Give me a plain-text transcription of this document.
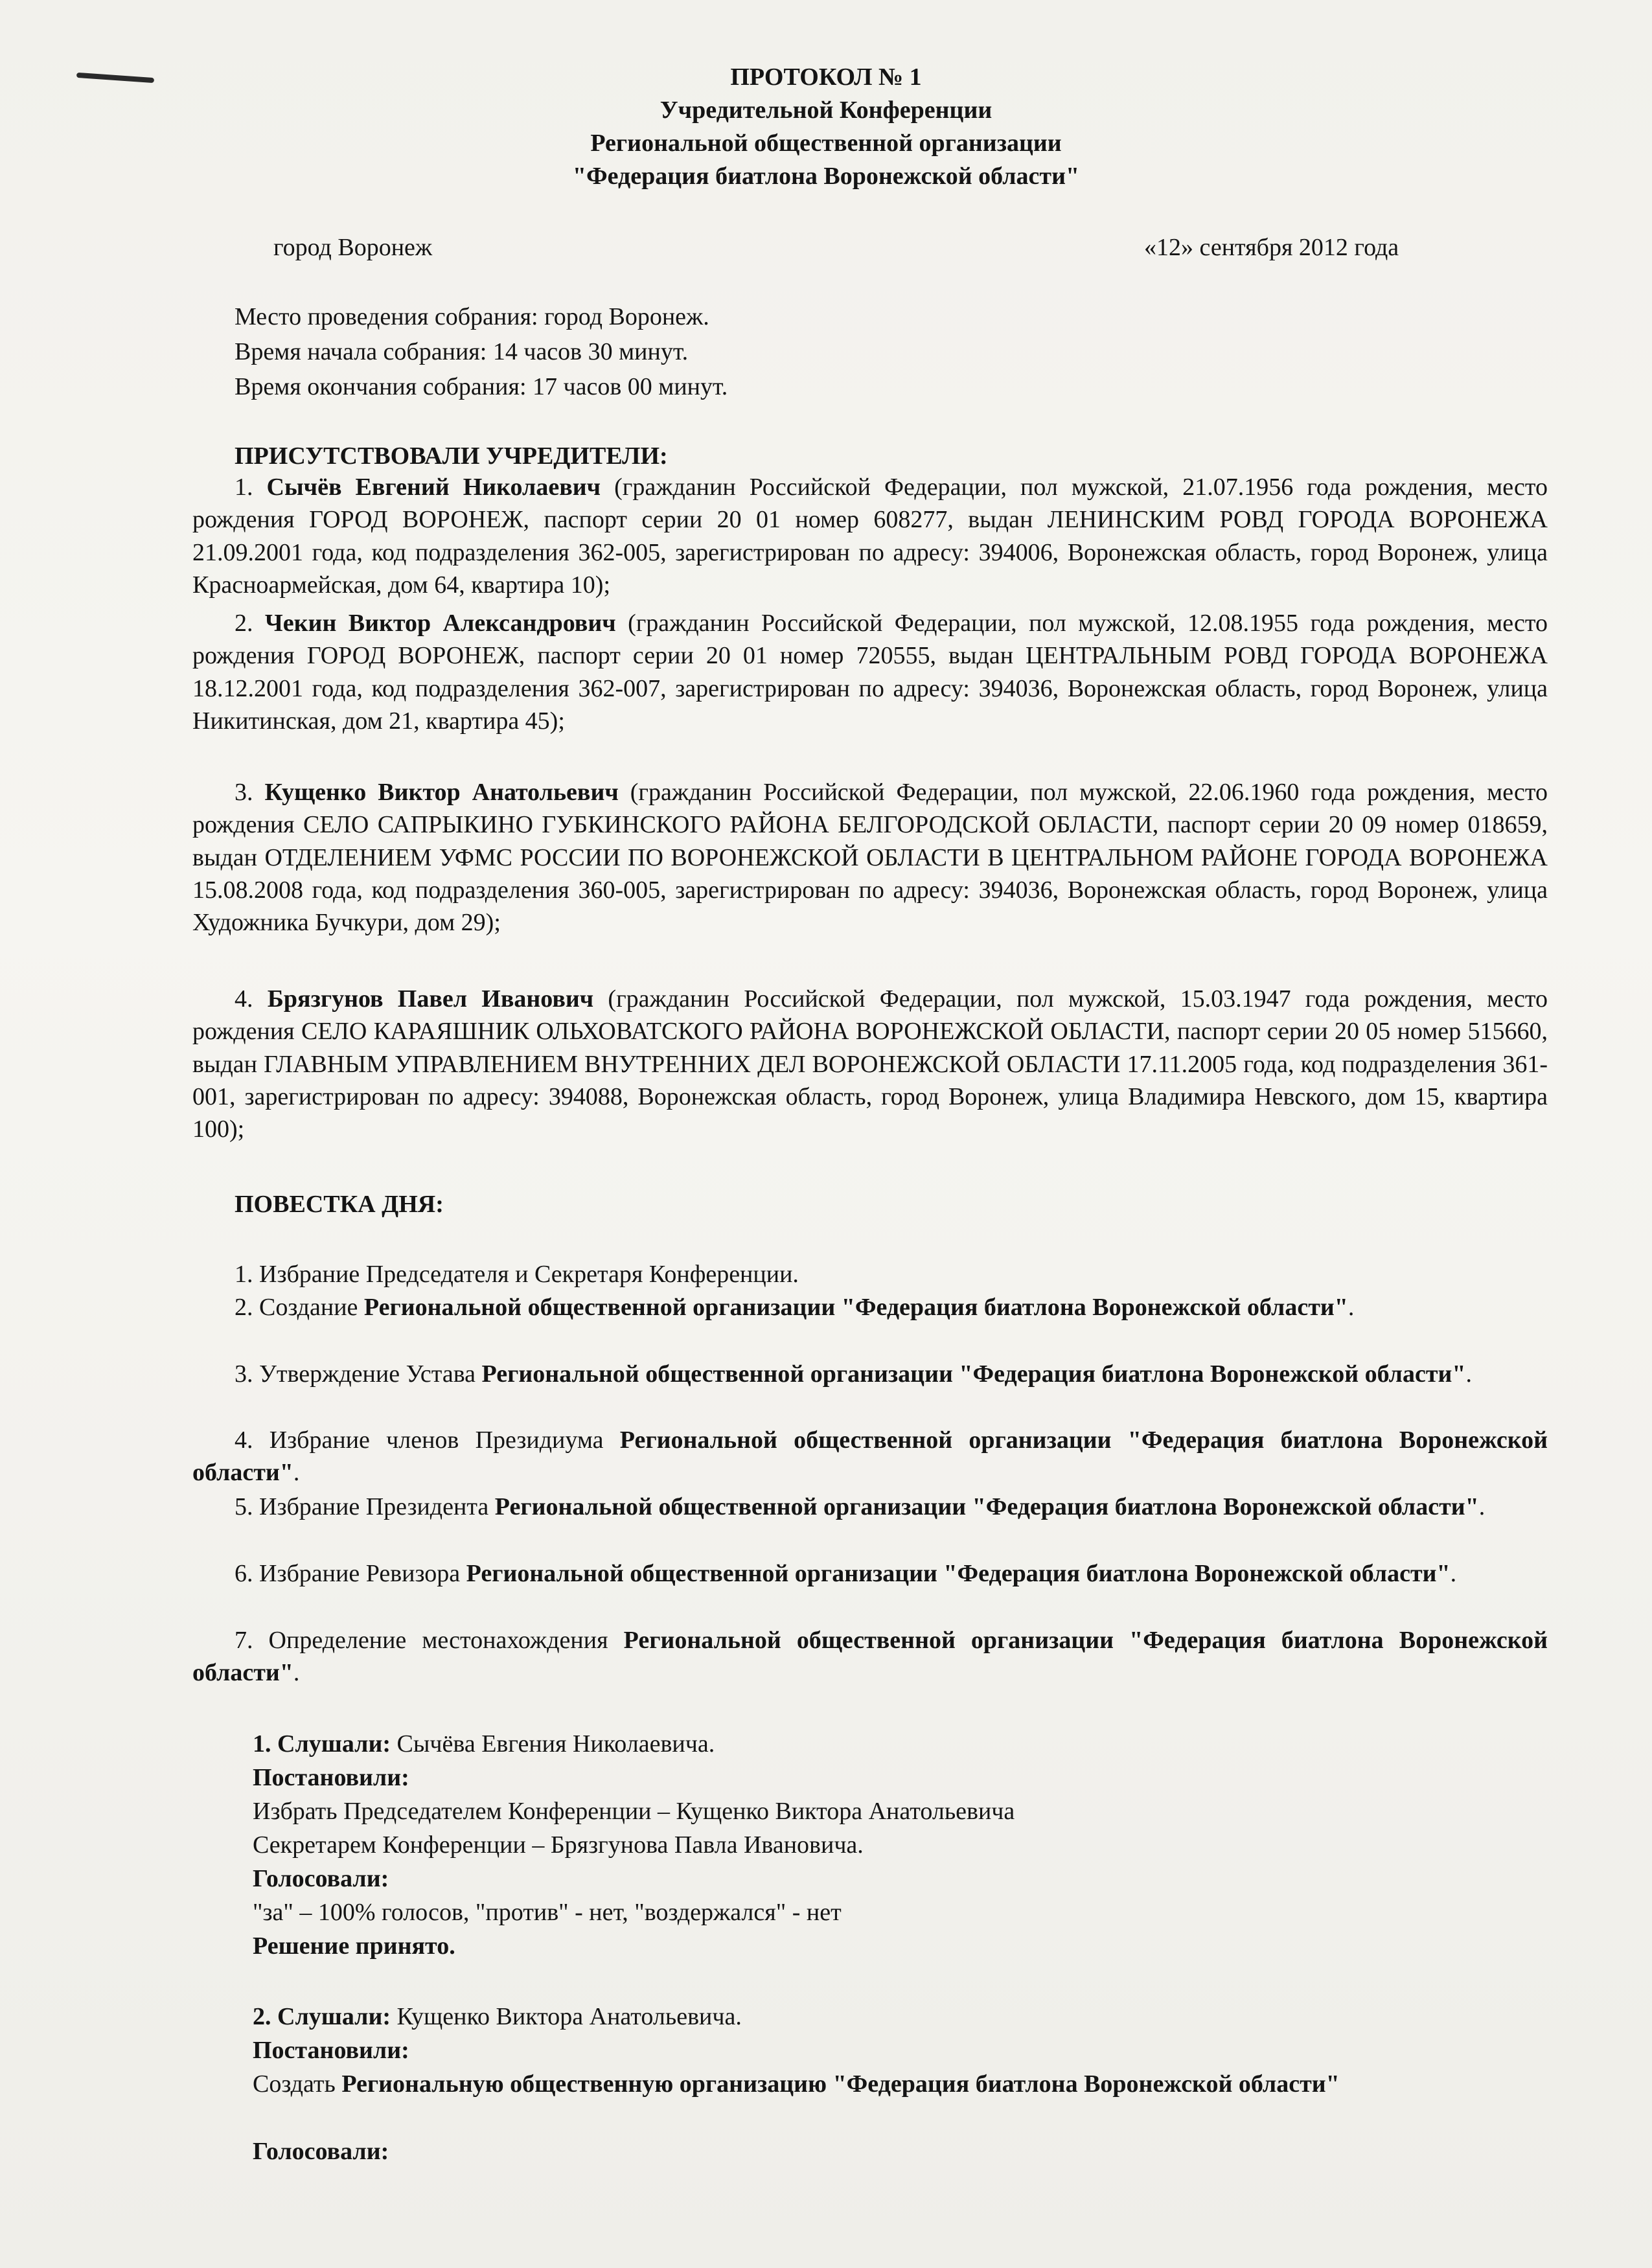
ПРОТОКОЛ № 1
Учредительной Конференции
Региональной общественной организации
"Федерация биатлона Воронежской области"
город Воронеж	«12» сентября 2012 года
Место проведения собрания: город Воронеж.
Время начала собрания: 14 часов 30 минут.
Время окончания собрания: 17 часов 00 минут.
ПРИСУТСТВОВАЛИ УЧРЕДИТЕЛИ:
1. Сычёв Евгений Николаевич (гражданин Российской Федерации, пол мужской, 21.07.1956 года рождения, место рождения ГОРОД ВОРОНЕЖ, паспорт серии 20 01 номер 608277, выдан ЛЕНИНСКИМ РОВД ГОРОДА ВОРОНЕЖА 21.09.2001 года, код подразделения 362-005, зарегистрирован по адресу: 394006, Воронежская область, город Воронеж, улица Красноармейская, дом 64, квартира 10);
2. Чекин Виктор Александрович (гражданин Российской Федерации, пол мужской, 12.08.1955 года рождения, место рождения ГОРОД ВОРОНЕЖ, паспорт серии 20 01 номер 720555, выдан ЦЕНТРАЛЬНЫМ РОВД ГОРОДА ВОРОНЕЖА 18.12.2001 года, код подразделения 362-007, зарегистрирован по адресу: 394036, Воронежская область, город Воронеж, улица Никитинская, дом 21, квартира 45);
3. Кущенко Виктор Анатольевич (гражданин Российской Федерации, пол мужской, 22.06.1960 года рождения, место рождения СЕЛО САПРЫКИНО ГУБКИНСКОГО РАЙОНА БЕЛГОРОДСКОЙ ОБЛАСТИ, паспорт серии 20 09 номер 018659, выдан ОТДЕЛЕНИЕМ УФМС РОССИИ ПО ВОРОНЕЖСКОЙ ОБЛАСТИ В ЦЕНТРАЛЬНОМ РАЙОНЕ ГОРОДА ВОРОНЕЖА 15.08.2008 года, код подразделения 360-005, зарегистрирован по адресу: 394036, Воронежская область, город Воронеж, улица Художника Бучкури, дом 29);
4. Брязгунов Павел Иванович (гражданин Российской Федерации, пол мужской, 15.03.1947 года рождения, место рождения СЕЛО КАРАЯШНИК ОЛЬХОВАТСКОГО РАЙОНА ВОРОНЕЖСКОЙ ОБЛАСТИ, паспорт серии 20 05 номер 515660, выдан ГЛАВНЫМ УПРАВЛЕНИЕМ ВНУТРЕННИХ ДЕЛ ВОРОНЕЖСКОЙ ОБЛАСТИ 17.11.2005 года, код подразделения 361-001, зарегистрирован по адресу: 394088, Воронежская область, город Воронеж, улица Владимира Невского, дом 15, квартира 100);
ПОВЕСТКА ДНЯ:
1. Избрание Председателя и Секретаря Конференции.
2. Создание Региональной общественной организации "Федерация биатлона Воронежской области".
3. Утверждение Устава Региональной общественной организации "Федерация биатлона Воронежской области".
4. Избрание членов Президиума Региональной общественной организации "Федерация биатлона Воронежской области".
5. Избрание Президента Региональной общественной организации "Федерация биатлона Воронежской области".
6. Избрание Ревизора Региональной общественной организации "Федерация биатлона Воронежской области".
7. Определение местонахождения Региональной общественной организации "Федерация биатлона Воронежской области".
1. Слушали: Сычёва Евгения Николаевича.
Постановили:
Избрать Председателем Конференции – Кущенко Виктора Анатольевича
Секретарем Конференции – Брязгунова Павла Ивановича.
Голосовали:
"за" – 100% голосов, "против" - нет, "воздержался" - нет
Решение принято.
2. Слушали: Кущенко Виктора Анатольевича.
Постановили:
Создать Региональную общественную организацию "Федерация биатлона Воронежской области"
Голосовали:
